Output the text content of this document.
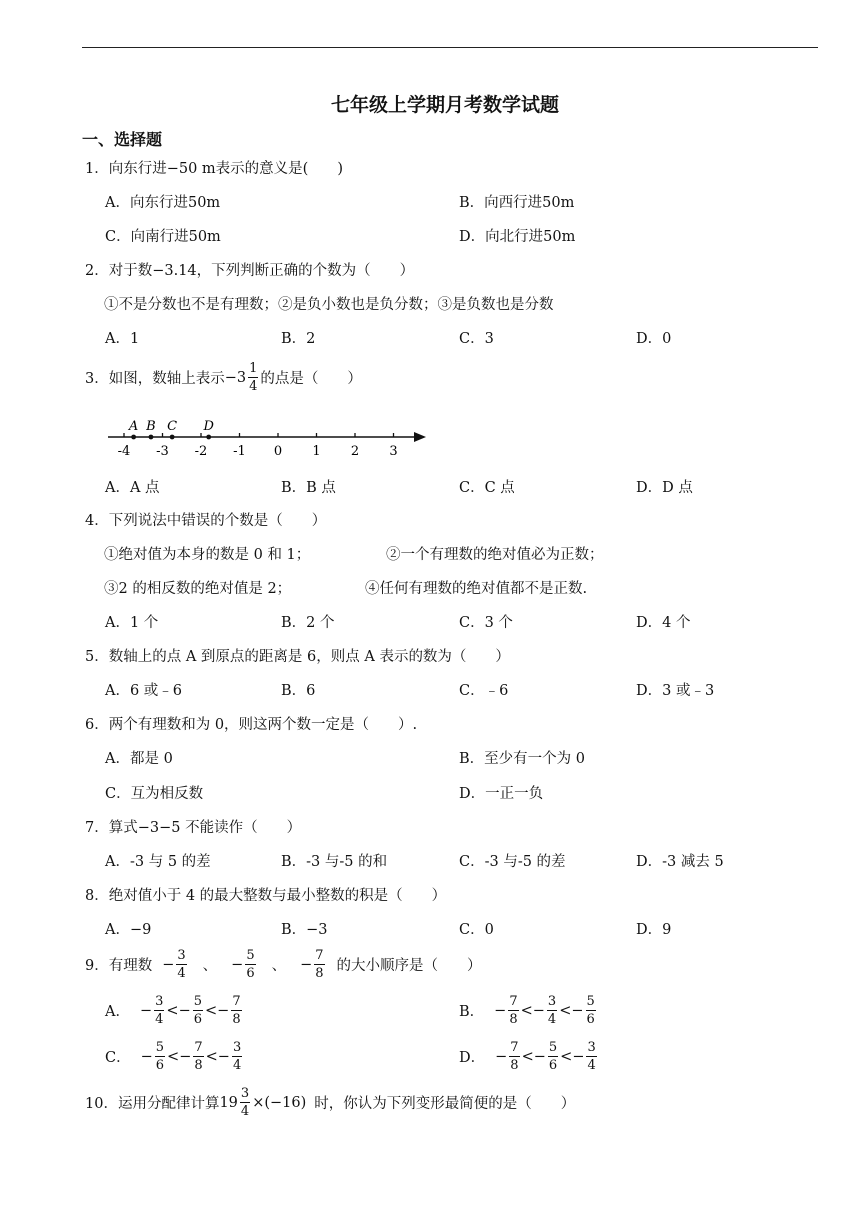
七年级上学期月考数学试题
一、选择题
1．向东行进−50 m表示的意义是(　　)
A．向东行进50m	B．向西行进50m
C．向南行进50m	D．向北行进50m
2．对于数−3.14，下列判断正确的个数为（　　）
①不是分数也不是有理数；②是负小数也是负分数；③是负数也是分数
A．1	B．2	C．3	D．0
3．如图，数轴上表示 $-3 \frac{1}{4}$ 的点是（　　）
-4 -3 -2 -1 0 1 2 3
A B C D
A．A 点	B．B 点	C．C 点	D．D 点
4．下列说法中错误的个数是（　　）
①绝对值为本身的数是 0 和 1；	②一个有理数的绝对值必为正数；
③2 的相反数的绝对值是 2；	④任何有理数的绝对值都不是正数.
A．1 个	B．2 个	C．3 个	D．4 个
5．数轴上的点 A 到原点的距离是 6，则点 A 表示的数为（　　）
A．6 或﹣6	B．6	C．﹣6	D．3 或﹣3
6．两个有理数和为 0，则这两个数一定是（　　）.
A．都是 0	B．至少有一个为 0
C．互为相反数	D．一正一负
7．算式−3−5 不能读作（　　）
A．-3 与 5 的差	B．-3 与-5 的和	C．-3 与-5 的差	D．-3 减去 5
8．绝对值小于 4 的最大整数与最小整数的积是（　　）
A．−9	B．−3	C．0	D．9
9．有理数 − $\frac{3}{4}$ 、 − $\frac{5}{6}$ 、 − $\frac{7}{8}$ 的大小顺序是（　　）
A． − $\frac{3}{4}$ < − $\frac{5}{6}$ < − $\frac{7}{8}$	B． − $\frac{7}{8}$ < − $\frac{3}{4}$ < − $\frac{5}{6}$
C． − $\frac{5}{6}$ < − $\frac{7}{8}$ < − $\frac{3}{4}$	D． − $\frac{7}{8}$ < − $\frac{5}{6}$ < − $\frac{3}{4}$
10．运用分配律计算 $19 \frac{3}{4} \times(-16)$ 时，你认为下列变形最简便的是（　　）
